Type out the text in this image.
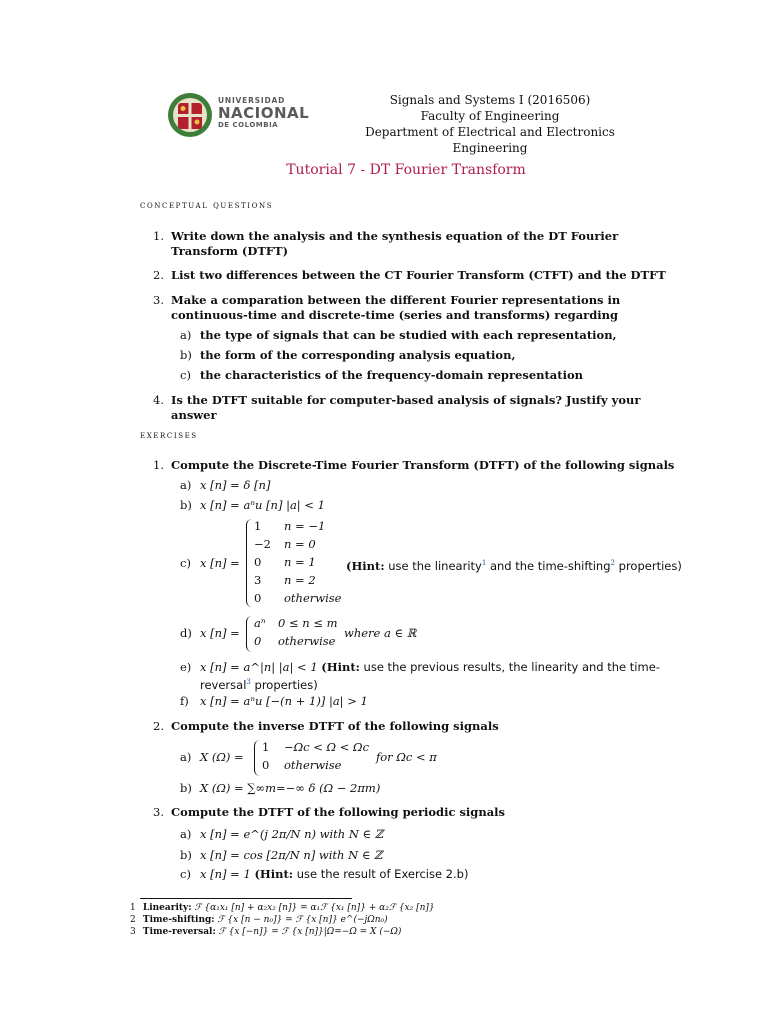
UNIVERSIDAD
NACIONAL
DE COLOMBIA
Signals and Systems I (2016506)
Faculty of Engineering
Department of Electrical and Electronics Engineering
Tutorial 7 - DT Fourier Transform
conceptual questions
1. Write down the analysis and the synthesis equation of the DT Fourier Transform (DTFT)
2. List two differences between the CT Fourier Transform (CTFT) and the DTFT
3. Make a comparation between the different Fourier representations in continuous-time and discrete-time (series and transforms) regarding
a) the type of signals that can be studied with each representation,
b) the form of the corresponding analysis equation,
c) the characteristics of the frequency-domain representation
4. Is the DTFT suitable for computer-based analysis of signals? Justify your answer
exercises
1. Compute the Discrete-Time Fourier Transform (DTFT) of the following signals
a) x [n] = δ [n]
b) x [n] = aⁿu [n] |a| < 1
c) x [n] =
1
−2
0
3
0
n = −1
n = 0
n = 1
n = 2
otherwise
(Hint: use the linearity$^1$ and the time-shifting$^2$ properties)
d) x [n] =
aⁿ
0
0 ≤ n ≤ m
otherwise
where a ∈ ℝ
e) x [n] = a^|n| |a| < 1 (Hint: use the previous results, the linearity and the time-
reversal$^3$ properties)
f) x [n] = aⁿu [−(n + 1)] |a| > 1
2. Compute the inverse DTFT of the following signals
a) X (Ω) =
1
0
−Ωc < Ω < Ωc
otherwise
for Ωc < π
b) X (Ω) = ∑∞m=−∞ δ (Ω − 2πm)
3. Compute the DTFT of the following periodic signals
a) x [n] = e^(j 2π/N n) with N ∈ ℤ
b) x [n] = cos [2π/N n] with N ∈ ℤ
c) x [n] = 1 (Hint: use the result of Exercise 2.b)
1 Linearity: ℱ {α₁x₁ [n] + α₂x₂ [n]} = α₁ℱ {x₁ [n]} + α₂ℱ {x₂ [n]}
2 Time-shifting: ℱ {x [n − n₀]} = ℱ {x [n]} e^(−jΩn₀)
3 Time-reversal: ℱ {x [−n]} = ℱ {x [n]}|Ω=−Ω = X (−Ω)
